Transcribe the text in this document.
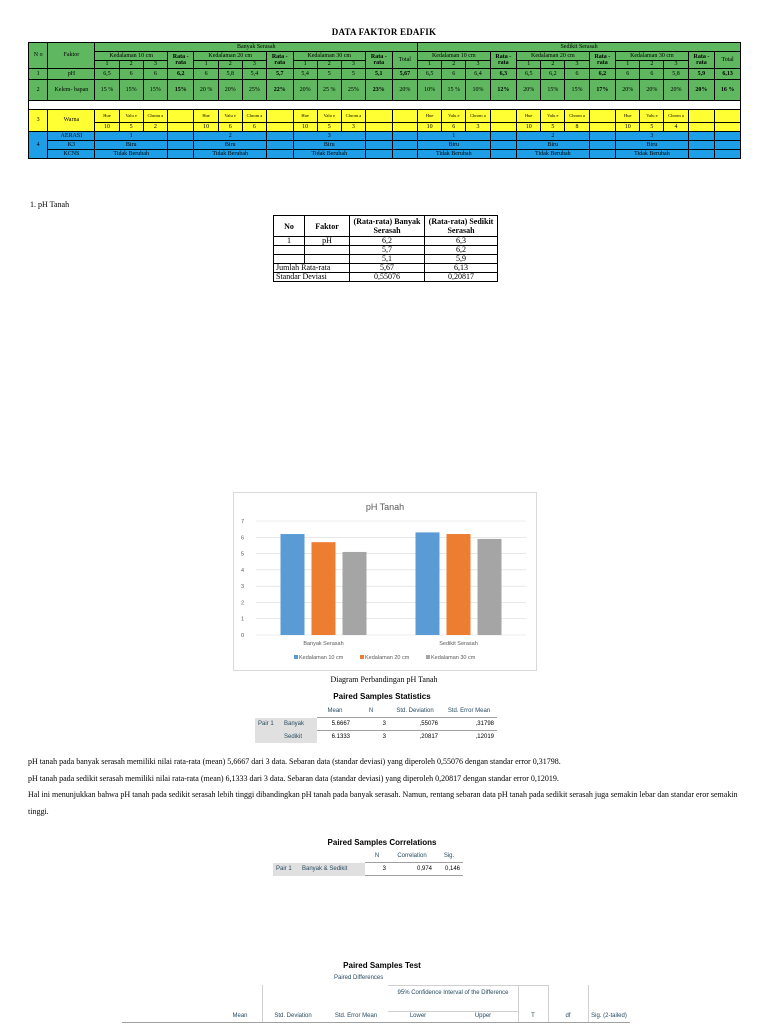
DATA FAKTOR EDAFIK
N o	Faktor	Banyak Serasah													Sedikit Serasah												
		Kedalaman 10 cm			Rata -rata	Kedalaman 20 cm			Rata -rata	Kedalaman 30 cm			Rata -rata	Total	Kedalaman 10 cm			Rata -rata	Kedalaman 20 cm			Rata -rata	Kedalaman 30 cm			Rata -rata	Total
		1	2	3		1	2	3		1	2	3			1	2	3		1	2	3		1	2	3		
1	pH	6,5	6	6	6,2	6	5,8	5,4	5,7	5,4	5	5	5,1	5,67	6,5	6	6,4	6,3	6,5	6,2	6	6,2	6	6	5,8	5,9	6,13
2	Kelem- bapan	15 %	15%	15%	15%	20 %	20%	25%	22%	20%	25 %	25%	23%	20%	10%	15 %	10%	12%	20%	15%	15%	17%	20%	20%	20%	20%	16 %

3	Warna	Hue	Valu e	Chrom a		Hue	Valu e	Chrom a		Hue	Valu e	Chrom a			Hue	Valu e	Chrom a		Hue	Valu e	Chrom a		Hue	Valu e	Chrom a		
		10	5	2		10	6	6		10	5	3			10	6	3		10	5	8		10	5	4		
4	AERASI	1				2				3					1				2				3				
	K3	Biru				Biru				Biru					Biru				Biru				Biru				
	KCNS	Tidak Berubah				Tidak Berubah				Tidak Berubah					Tidak Berubah				Tidak Berubah				Tidak Berubah				
1. pH Tanah
No	Faktor	(Rata-rata) Banyak Serasah	(Rata-rata) Sedikit Serasah
1	pH	6,2	6,3
		5,7	6,2
		5,1	5,9
Jumlah Rata-rata		5,67	6,13
Standar Deviasi		0,55076	0,20817
pH Tanah
0
1
2
3
4
5
6
7
Banyak Serasah	Sedikit Serasah
Kedalaman 10 cm	Kedalaman 20 cm	Kedalaman 30 cm
Diagram Perbandingan pH Tanah
Paired Samples Statistics
		Mean	N	Std. Deviation	Std. Error Mean
Pair 1	Banyak	5.6667	3	,55076	,31798
	Sedikit	6.1333	3	,20817	,12019
pH tanah pada banyak serasah memiliki nilai rata-rata (mean) 5,6667 dari 3 data. Sebaran data (standar deviasi) yang diperoleh 0,55076 dengan standar error 0,31798.
pH tanah pada sedikit serasah memiliki nilai rata-rata (mean) 6,1333 dari 3 data. Sebaran data (standar deviasi) yang diperoleh 0,20817 dengan standar error 0,12019.
Hal ini menunjukkan bahwa pH tanah pada sedikit serasah lebih tinggi dibandingkan pH tanah pada banyak serasah. Namun, rentang sebaran data pH tanah pada sedikit serasah juga semakin lebar dan standar eror semakin tinggi.
Paired Samples Correlations
		N	Correlation	Sig.
Pair 1	Banyak & Sedikit	3	0,974	0,146
Paired Samples Test
Paired Differences
95% Confidence Interval of the Difference
Mean	Std. Deviation	Std. Error Mean	Lower	Upper	T	df	Sig. (2-tailed)
